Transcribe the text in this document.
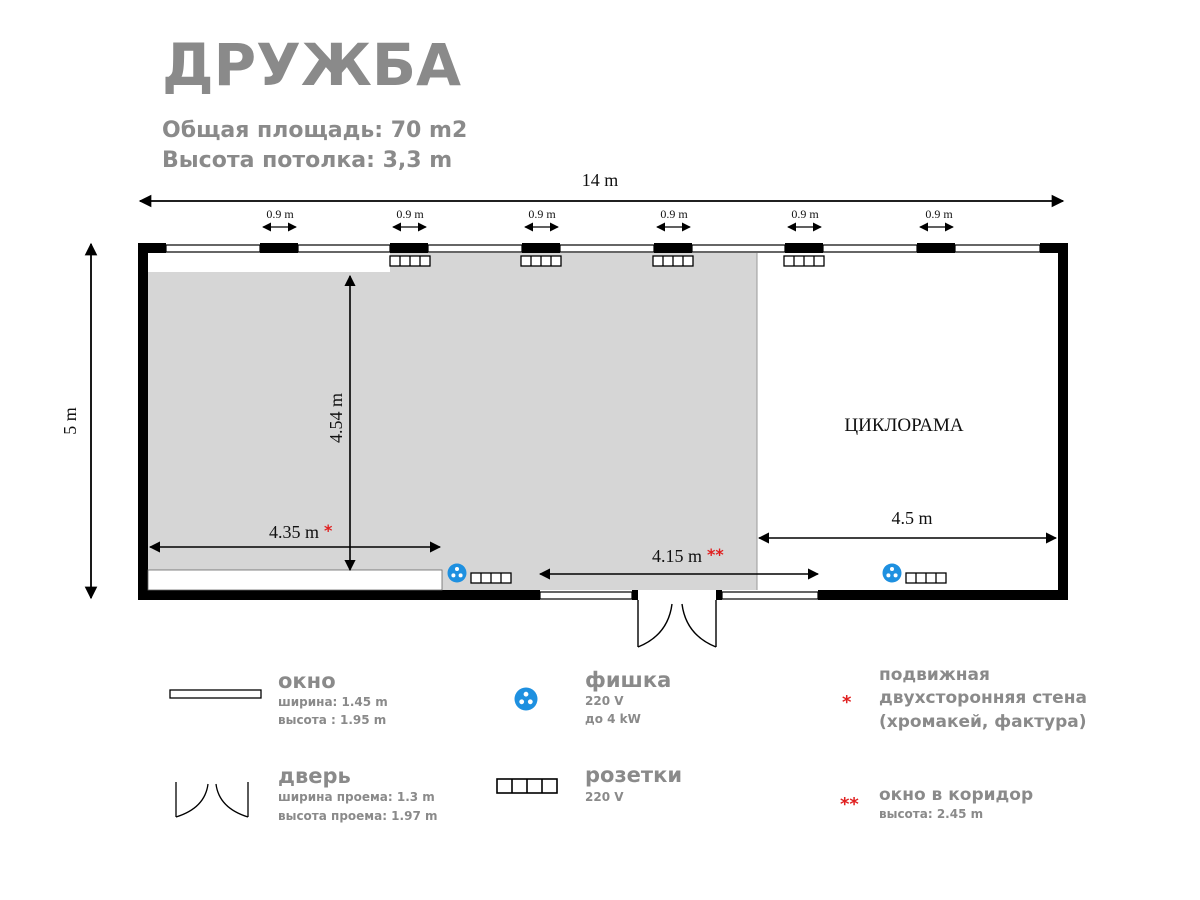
ДРУЖБА
Общая площадь: 70 m2
Высота потолка: 3,3 m
14 m
5 m
0.9 m	0.9 m	0.9 m	0.9 m	0.9 m	0.9 m
4.54 m
4.35 m *
4.15 m **
4.5 m
ЦИКЛОРАМА
окно
ширина: 1.45 m
высота : 1.95 m
дверь
ширина проема: 1.3 m
высота проема: 1.97 m
фишка
220 V
до 4 kW
розетки
220 V
*
подвижная
двухсторонняя стена
(хромакей, фактура)
** окно в коридор
высота: 2.45 m
